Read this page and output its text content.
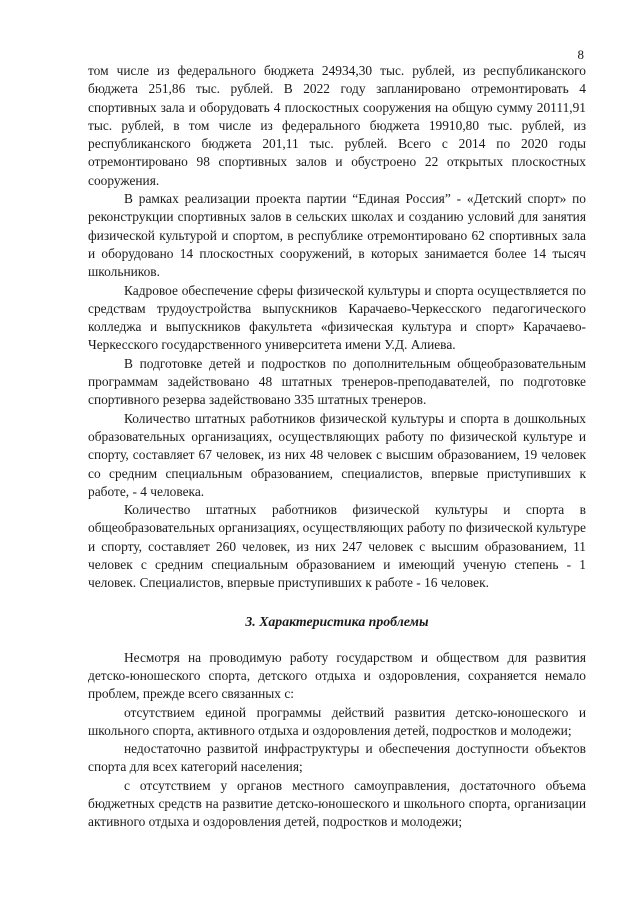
8

том числе из федерального бюджета 24934,30 тыс. рублей, из республиканского бюджета 251,86 тыс. рублей. В 2022 году запланировано отремонтировать 4 спортивных зала и оборудовать 4 плоскостных сооружения на общую сумму 20111,91 тыс. рублей, в том числе из федерального бюджета 19910,80 тыс. рублей, из республиканского бюджета 201,11 тыс. рублей. Всего с 2014 по 2020 годы отремонтировано 98 спортивных залов и обустроено 22 открытых плоскостных сооружения.

В рамках реализации проекта партии “Единая Россия” - «Детский спорт» по реконструкции спортивных залов в сельских школах и созданию условий для занятия физической культурой и спортом, в республике отремонтировано 62 спортивных зала и оборудовано 14 плоскостных сооружений, в которых занимается более 14 тысяч школьников.

Кадровое обеспечение сферы физической культуры и спорта осуществляется по средствам трудоустройства выпускников Карачаево-Черкесского педагогического колледжа и выпускников факультета «физическая культура и спорт» Карачаево-Черкесского государственного университета имени У.Д. Алиева.

В подготовке детей и подростков по дополнительным общеобразовательным программам задействовано 48 штатных тренеров-преподавателей, по подготовке спортивного резерва задействовано 335 штатных тренеров.

Количество штатных работников физической культуры и спорта в дошкольных образовательных организациях, осуществляющих работу по физической культуре и спорту, составляет 67 человек, из них 48 человек с высшим образованием, 19 человек со средним специальным образованием, специалистов, впервые приступивших к работе, - 4 человека.

Количество штатных работников физической культуры и спорта в общеобразовательных организациях, осуществляющих работу по физической культуре и спорту, составляет 260 человек, из них 247 человек с высшим образованием, 11 человек с средним специальным образованием и имеющий ученую степень - 1 человек. Специалистов, впервые приступивших к работе - 16 человек.

3. Характеристика проблемы

Несмотря на проводимую работу государством и обществом для развития детско-юношеского спорта, детского отдыха и оздоровления, сохраняется немало проблем, прежде всего связанных с:

отсутствием единой программы действий развития детско-юношеского и школьного спорта, активного отдыха и оздоровления детей, подростков и молодежи;

недостаточно развитой инфраструктуры и обеспечения доступности объектов спорта для всех категорий населения;

с отсутствием у органов местного самоуправления, достаточного объема бюджетных средств на развитие детско-юношеского и школьного спорта, организации активного отдыха и оздоровления детей, подростков и молодежи;
